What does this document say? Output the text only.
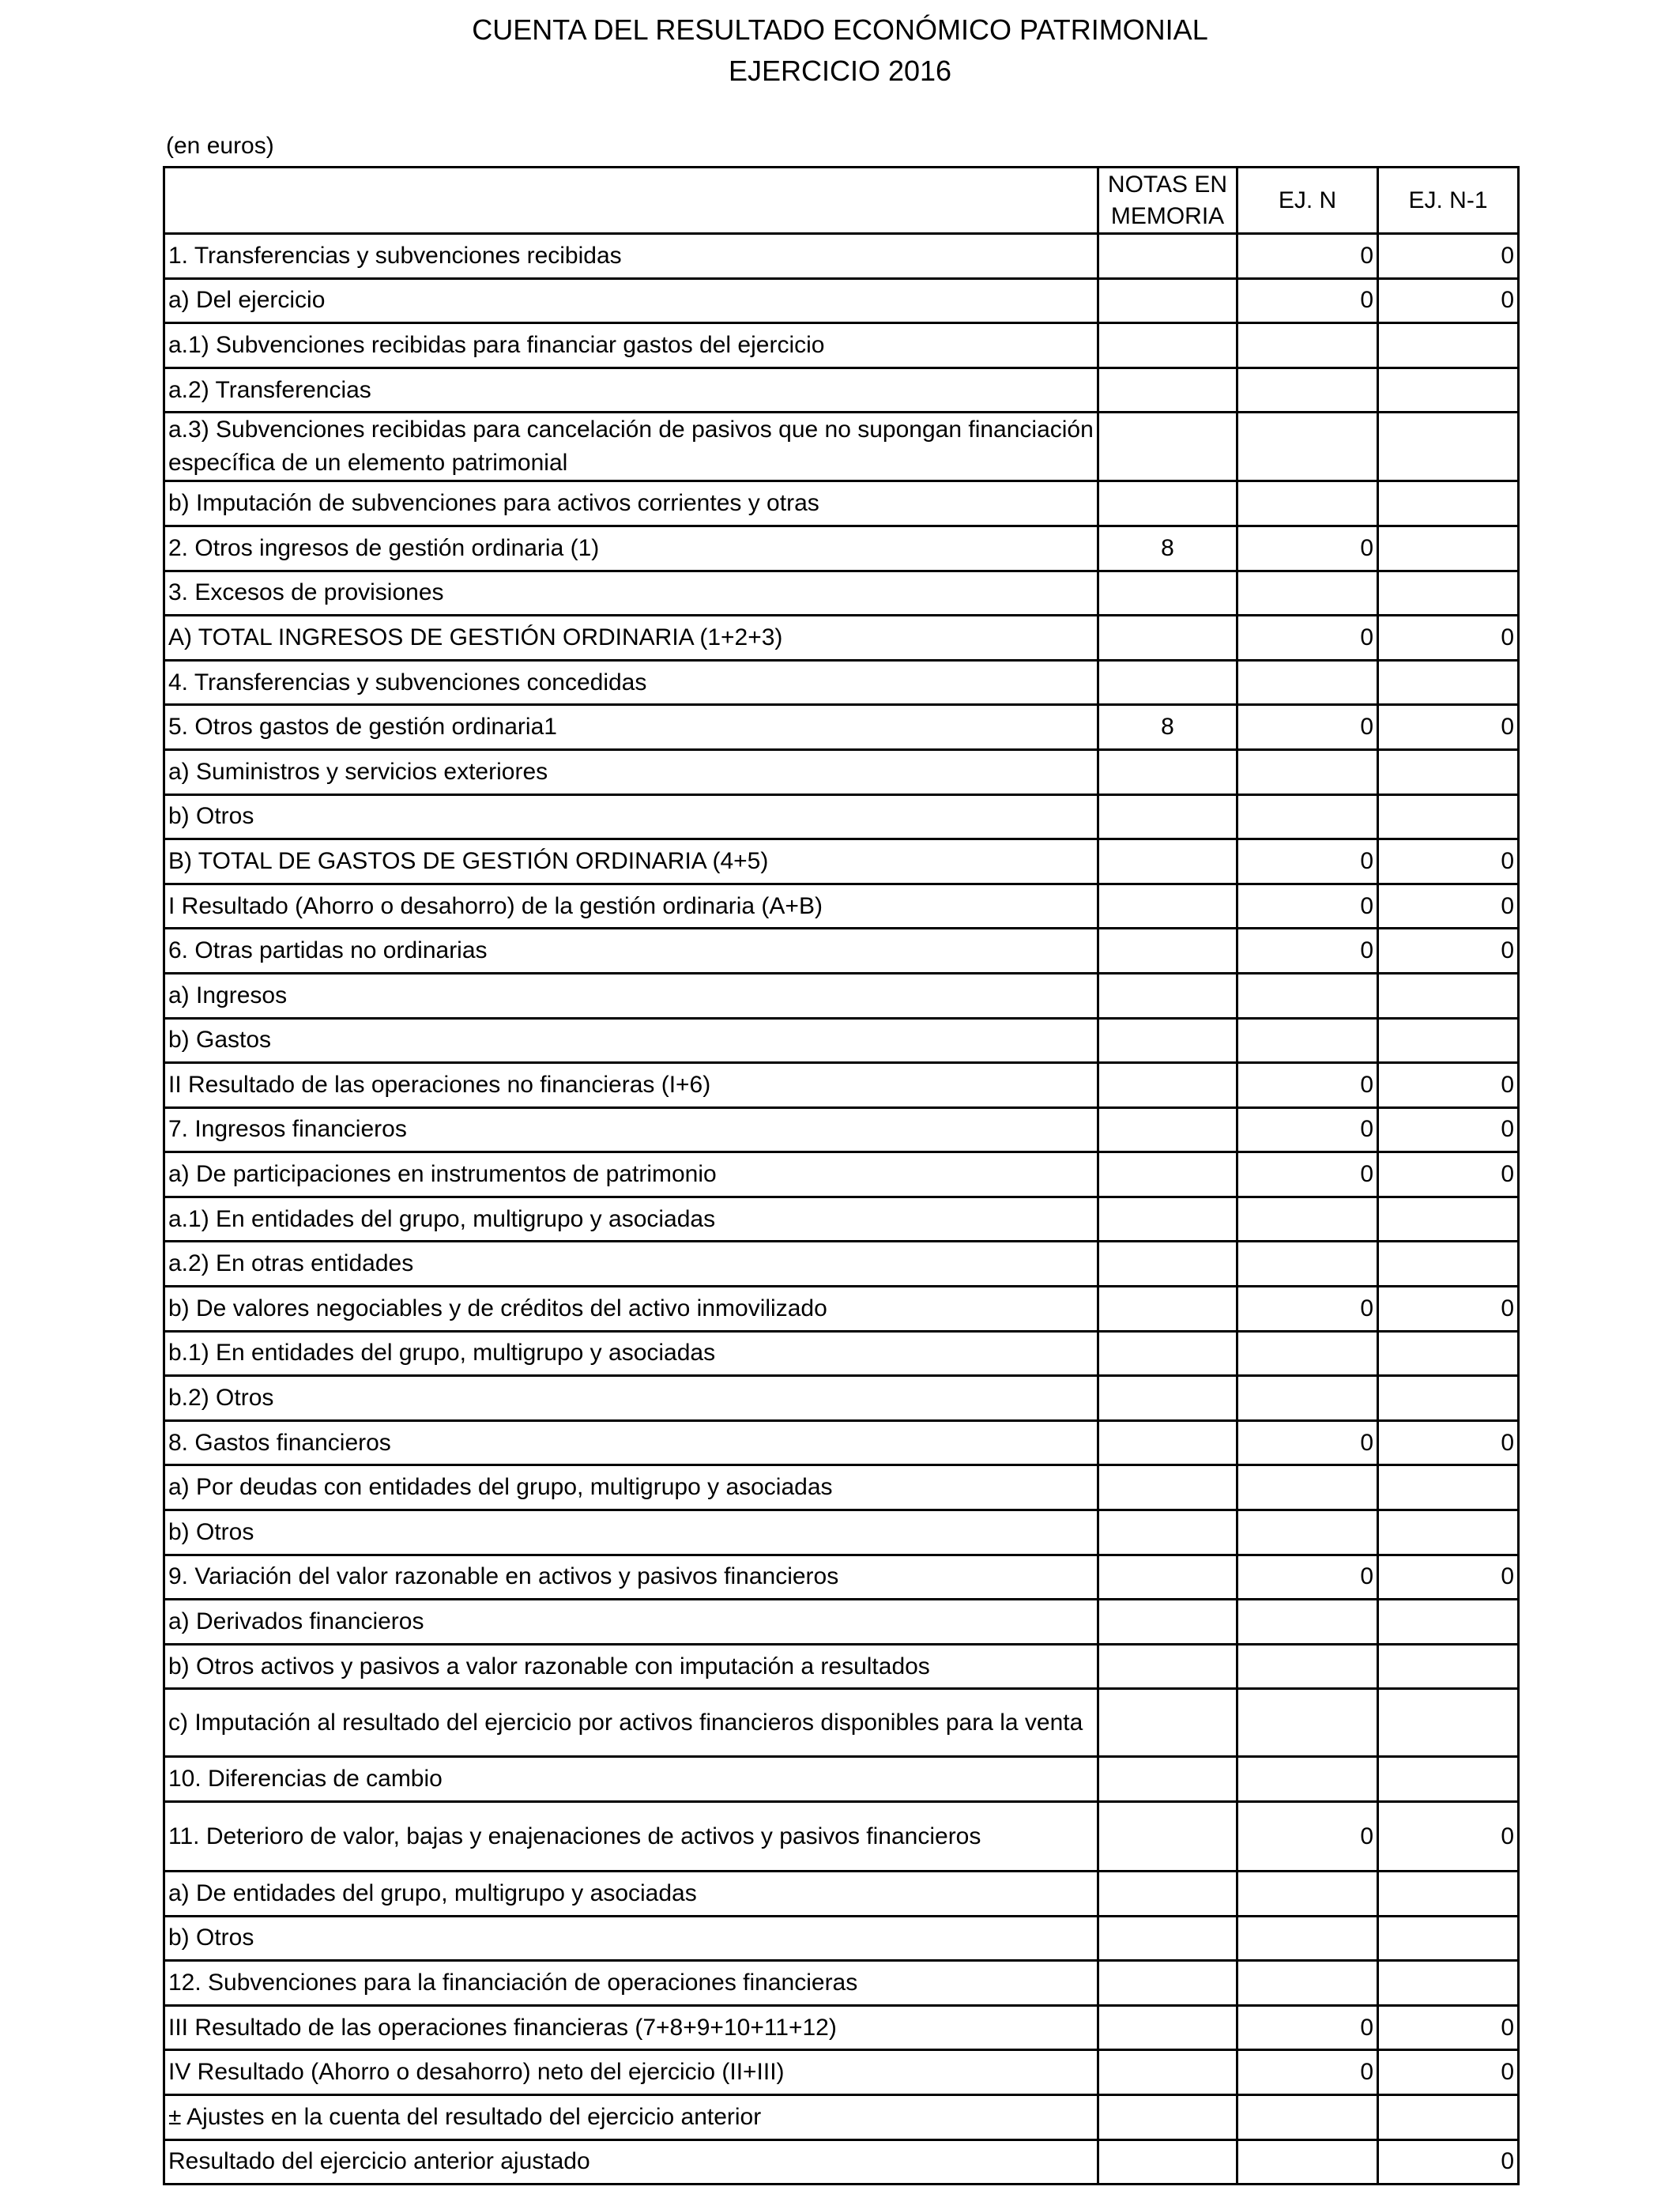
CUENTA DEL RESULTADO ECONÓMICO PATRIMONIAL
EJERCICIO 2016
(en euros)
	NOTAS EN MEMORIA	EJ. N	EJ. N-1
1. Transferencias y subvenciones recibidas		0	0
a) Del ejercicio		0	0
a.1) Subvenciones recibidas para financiar gastos del ejercicio			
a.2) Transferencias			
a.3) Subvenciones recibidas para cancelación de pasivos que no supongan financiación específica de un elemento patrimonial			
b) Imputación de subvenciones para activos corrientes y otras			
2. Otros ingresos de gestión ordinaria (1)	8	0	
3. Excesos de provisiones			
A) TOTAL INGRESOS DE GESTIÓN ORDINARIA (1+2+3)		0	0
4. Transferencias y subvenciones concedidas			
5. Otros gastos de gestión ordinaria1	8	0	0
a) Suministros y servicios exteriores			
b) Otros			
B) TOTAL DE GASTOS DE GESTIÓN ORDINARIA (4+5)		0	0
I Resultado (Ahorro o desahorro) de la gestión ordinaria (A+B)		0	0
6. Otras partidas no ordinarias		0	0
a) Ingresos			
b) Gastos			
II Resultado de las operaciones no financieras (I+6)		0	0
7. Ingresos financieros		0	0
a) De participaciones en instrumentos de patrimonio		0	0
a.1) En entidades del grupo, multigrupo y asociadas			
a.2) En otras entidades			
b) De valores negociables y de créditos del activo inmovilizado		0	0
b.1) En entidades del grupo, multigrupo y asociadas			
b.2) Otros			
8. Gastos financieros		0	0
a) Por deudas con entidades del grupo, multigrupo y asociadas			
b) Otros			
9. Variación del valor razonable en activos y pasivos financieros		0	0
a) Derivados financieros			
b) Otros activos y pasivos a valor razonable con imputación a resultados			
c) Imputación al resultado del ejercicio por activos financieros disponibles para la venta			
10. Diferencias de cambio			
11. Deterioro de valor, bajas y enajenaciones de activos y pasivos financieros		0	0
a) De entidades del grupo, multigrupo y asociadas			
b) Otros			
12. Subvenciones para la financiación de operaciones financieras			
III Resultado de las operaciones financieras (7+8+9+10+11+12)		0	0
IV Resultado (Ahorro o desahorro) neto del ejercicio (II+III)		0	0
± Ajustes en la cuenta del resultado del ejercicio anterior			
Resultado del ejercicio anterior ajustado			0
